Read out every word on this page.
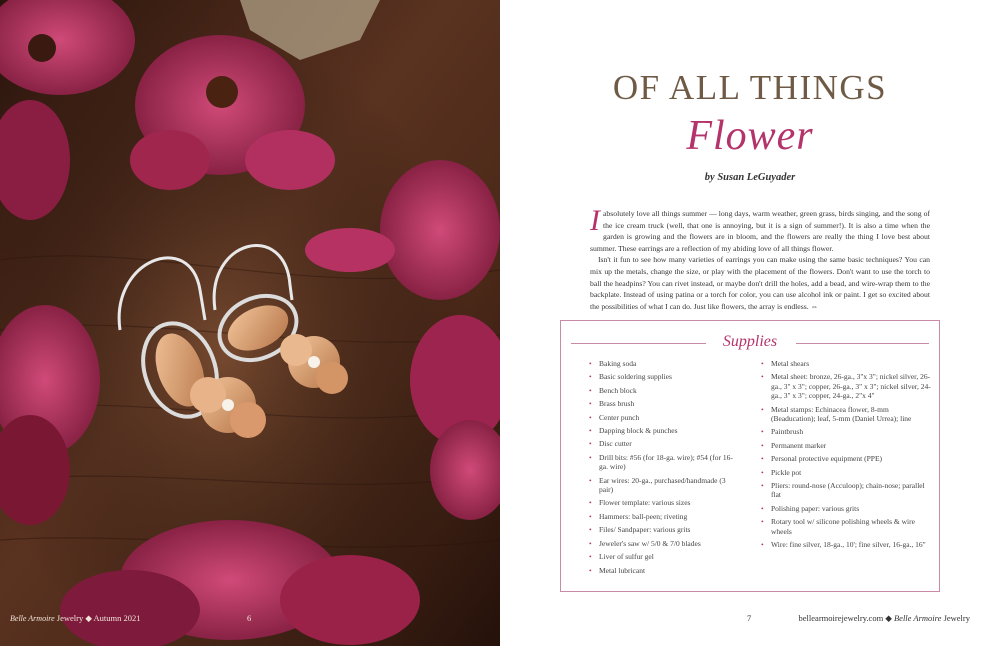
Belle Armoire Jewelry ◆ Autumn 2021	6
OF ALL THINGS
Flower
by Susan LeGuyader

Iabsolutely love all things summer — long days, warm weather, green grass, birds singing, and the song of the ice cream truck (well, that one is annoying, but it is a sign of summer!). It is also a time when the garden is growing and the flowers are in bloom, and the flowers are really the thing I love best about summer. These earrings are a reflection of my abiding love of all things flower.

Isn't it fun to see how many varieties of earrings you can make using the same basic techniques? You can mix up the metals, change the size, or play with the placement of the flowers. Don't want to use the torch to ball the headpins? You can rivet instead, or maybe don't drill the holes, add a bead, and wire-wrap them to the backplate. Instead of using patina or a torch for color, you can use alcohol ink or paint. I get so excited about the possibilities of what I can do. Just like flowers, the array is endless. ⇔

Supplies
• Baking soda
• Basic soldering supplies
• Bench block
• Brass brush
• Center punch
• Dapping block & punches
• Disc cutter
• Drill bits: #56 (for 18-ga. wire); #54 (for 16-ga. wire)
• Ear wires: 20-ga., purchased/handmade (3 pair)
• Flower template: various sizes
• Hammers: ball-peen; riveting
• Files/ Sandpaper: various grits
• Jeweler's saw w/ 5/0 & 7/0 blades
• Liver of sulfur gel
• Metal lubricant
• Metal shears
• Metal sheet: bronze, 26-ga., 3"x 3"; nickel silver, 26-ga., 3" x 3"; copper, 26-ga., 3" x 3"; nickel silver, 24-ga., 3" x 3"; copper, 24-ga., 2"x 4"
• Metal stamps: Echinacea flower, 8-mm (Beaducation); leaf, 5-mm (Daniel Urrea); line
• Paintbrush
• Permanent marker
• Personal protective equipment (PPE)
• Pickle pot
• Pliers: round-nose (Acculoop); chain-nose; parallel flat
• Polishing paper: various grits
• Rotary tool w/ silicone polishing wheels & wire wheels
• Wire: fine silver, 18-ga., 10'; fine silver, 16-ga., 16"
7	bellearmoirejewelry.com ◆ Belle Armoire Jewelry
